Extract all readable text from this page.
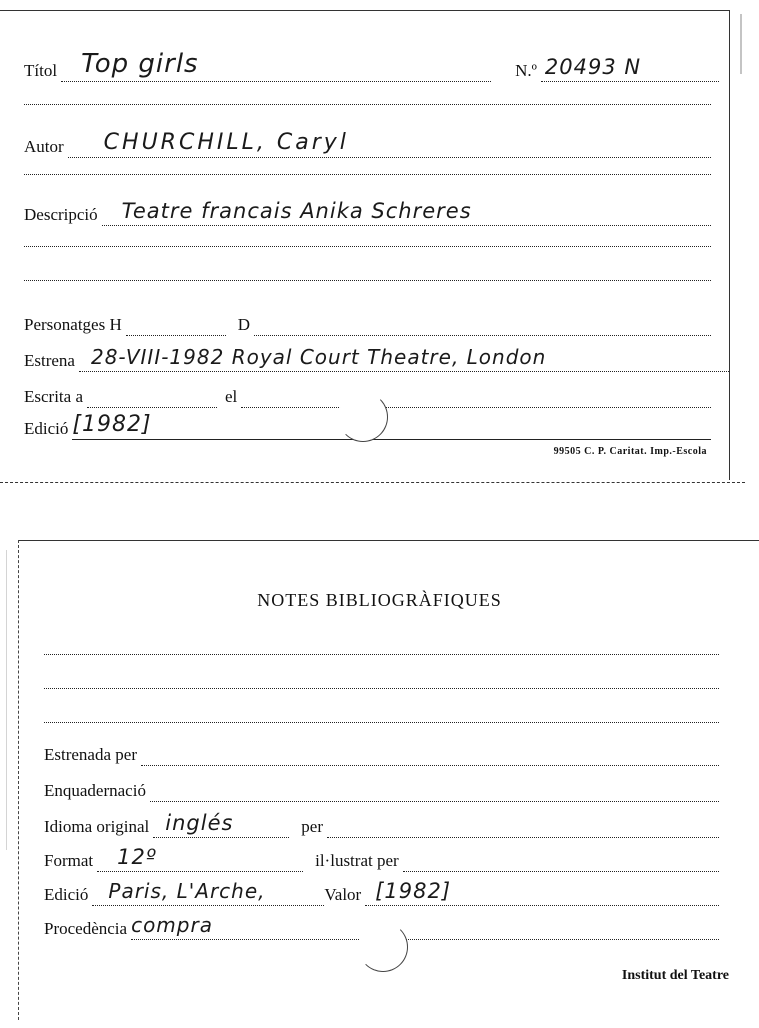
Títol Top girls	N.º 20493 N
Autor CHURCHILL, Caryl
Descripció Teatre francais Anika Schreres
Personatges H	D
Estrena 28-VIII-1982 Royal Court Theatre, London
Escrita a	el
Edició [1982]
99505 C. P. Caritat. Imp.-Escola
NOTES BIBLIOGRÀFIQUES
Estrenada per
Enquadernació
Idioma original inglés	per
Format 12º	il·lustrat per
Edició Paris, L'Arche,	Valor [1982]
Procedència compra
Institut del Teatre
